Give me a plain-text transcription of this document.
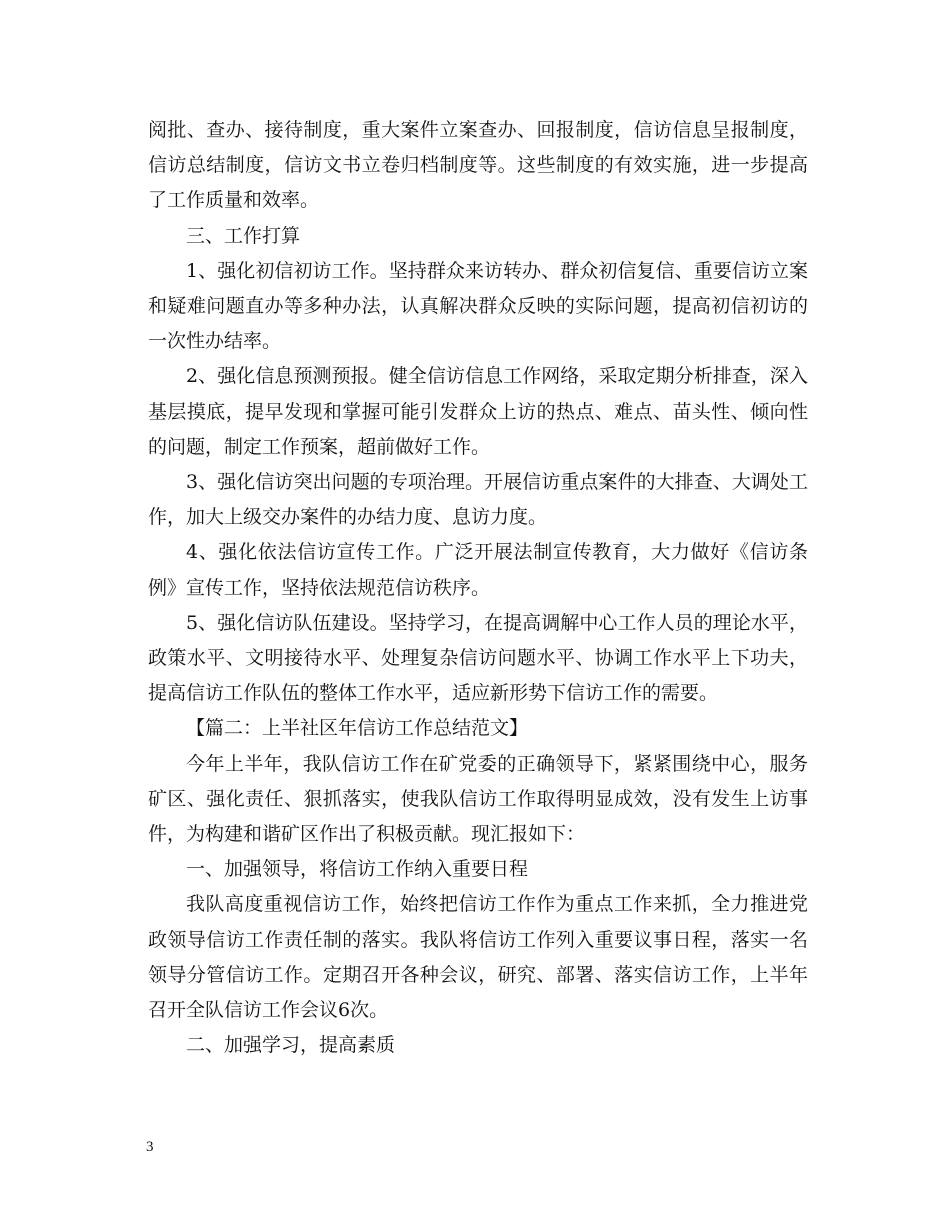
阅批、查办、接待制度，重大案件立案查办、回报制度，信访信息呈报制度，信访总结制度，信访文书立卷归档制度等。这些制度的有效实施，进一步提高了工作质量和效率。

三、工作打算

1、强化初信初访工作。坚持群众来访转办、群众初信复信、重要信访立案和疑难问题直办等多种办法，认真解决群众反映的实际问题，提高初信初访的一次性办结率。

2、强化信息预测预报。健全信访信息工作网络，采取定期分析排查，深入基层摸底，提早发现和掌握可能引发群众上访的热点、难点、苗头性、倾向性的问题，制定工作预案，超前做好工作。

3、强化信访突出问题的专项治理。开展信访重点案件的大排查、大调处工作，加大上级交办案件的办结力度、息访力度。

4、强化依法信访宣传工作。广泛开展法制宣传教育，大力做好《信访条例》宣传工作，坚持依法规范信访秩序。

5、强化信访队伍建设。坚持学习，在提高调解中心工作人员的理论水平，政策水平、文明接待水平、处理复杂信访问题水平、协调工作水平上下功夫，提高信访工作队伍的整体工作水平，适应新形势下信访工作的需要。

【篇二：上半社区年信访工作总结范文】

今年上半年，我队信访工作在矿党委的正确领导下，紧紧围绕中心，服务矿区、强化责任、狠抓落实，使我队信访工作取得明显成效，没有发生上访事件，为构建和谐矿区作出了积极贡献。现汇报如下：

一、加强领导，将信访工作纳入重要日程

我队高度重视信访工作，始终把信访工作作为重点工作来抓，全力推进党政领导信访工作责任制的落实。我队将信访工作列入重要议事日程，落实一名领导分管信访工作。定期召开各种会议，研究、部署、落实信访工作，上半年召开全队信访工作会议6次。

二、加强学习，提高素质

3
